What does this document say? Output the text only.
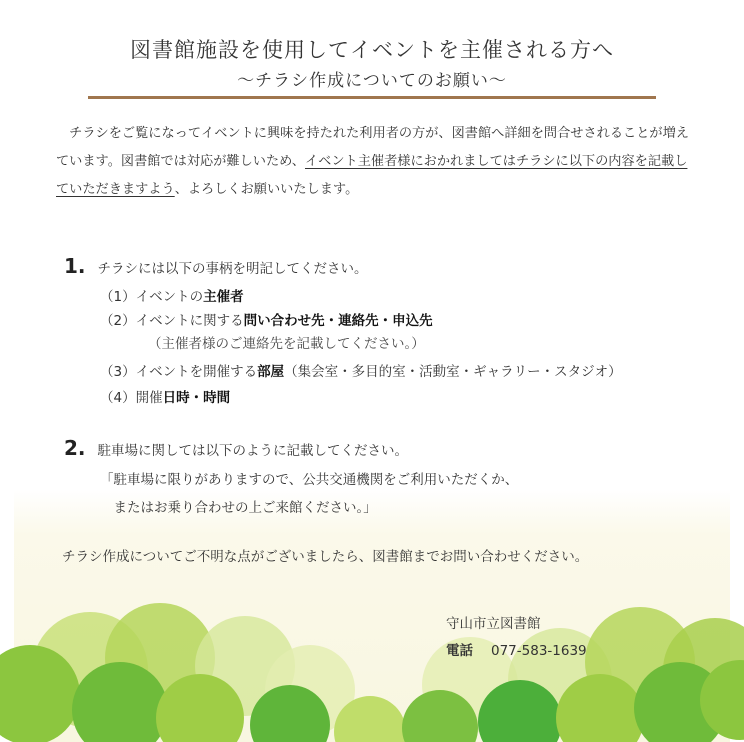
図書館施設を使用してイベントを主催される方へ
〜チラシ作成についてのお願い〜
　チラシをご覧になってイベントに興味を持たれた利用者の方が、図書館へ詳細を問合せされることが増えています。図書館では対応が難しいため、イベント主催者様におかれましてはチラシに以下の内容を記載していただきますよう、よろしくお願いいたします。
1. チラシには以下の事柄を明記してください。
（1）イベントの主催者
（2）イベントに関する問い合わせ先・連絡先・申込先
（主催者様のご連絡先を記載してください。）
（3）イベントを開催する部屋（集会室・多目的室・活動室・ギャラリー・スタジオ）
（4）開催日時・時間
2. 駐車場に関しては以下のように記載してください。
「駐車場に限りがありますので、公共交通機関をご利用いただくか、
　またはお乗り合わせの上ご来館ください。」
チラシ作成についてご不明な点がございましたら、図書館までお問い合わせください。
守山市立図書館
電話 077-583-1639
